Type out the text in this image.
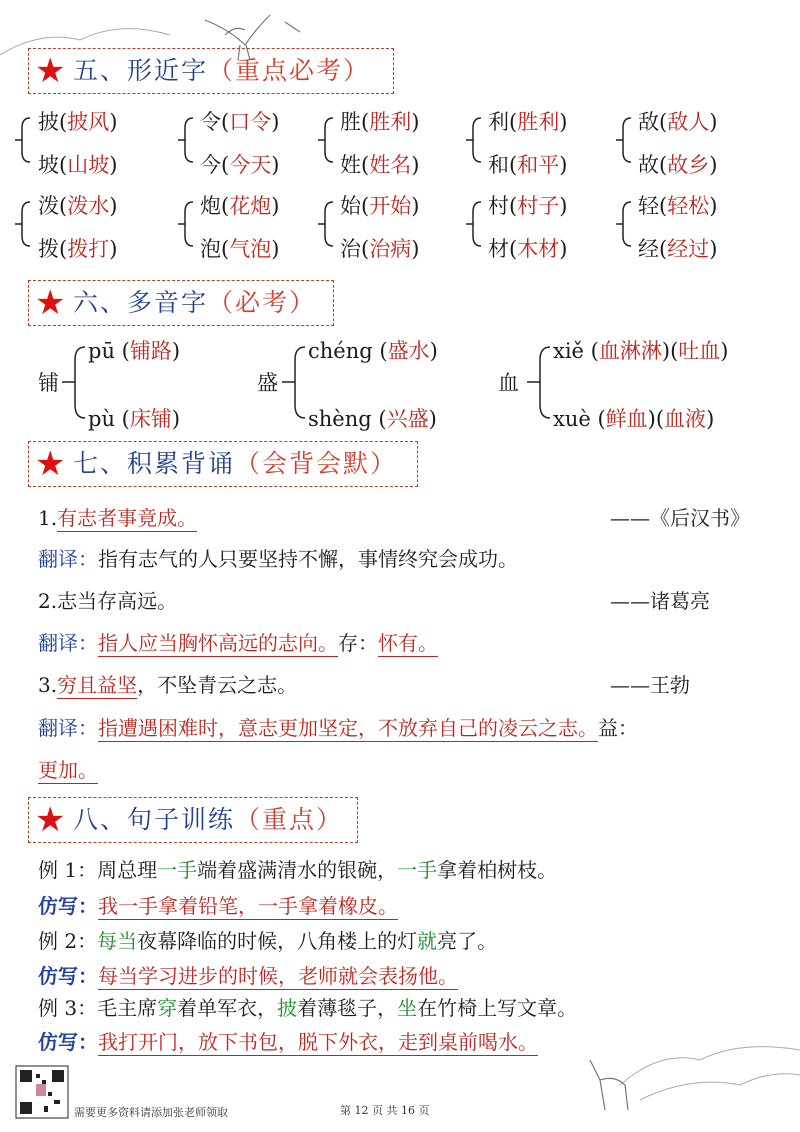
★ 五、形近字（重点必考）
披(披风)
坡(山坡)
令(口令)
今(今天)
胜(胜利)
姓(姓名)
利(胜利)
和(和平)
敌(敌人)
故(故乡)
泼(泼水)
拨(拨打)
炮(花炮)
泡(气泡)
始(开始)
治(治病)
村(村子)
材(木材)
轻(轻松)
经(经过)
★ 六、多音字（必考）
铺
pū (铺路)
pù (床铺)
盛
chéng (盛水)
shèng (兴盛)
血
xiě (血淋淋)(吐血)
xuè (鲜血)(血液)
★ 七、积累背诵（会背会默）
1.有志者事竟成。	——《后汉书》
翻译：指有志气的人只要坚持不懈，事情终究会成功。
2.志当存高远。	——诸葛亮
翻译：指人应当胸怀高远的志向。存：怀有。
3.穷且益坚，不坠青云之志。	——王勃
翻译：指遭遇困难时，意志更加坚定，不放弃自己的凌云之志。益：
更加。
★ 八、句子训练（重点）
例 1：周总理一手端着盛满清水的银碗，一手拿着柏树枝。
仿写：我一手拿着铅笔，一手拿着橡皮。
例 2：每当夜幕降临的时候，八角楼上的灯就亮了。
仿写：每当学习进步的时候，老师就会表扬他。
例 3：毛主席穿着单军衣，披着薄毯子，坐在竹椅上写文章。
仿写：我打开门，放下书包，脱下外衣，走到桌前喝水。
需要更多资料请添加张老师领取	第 12 页 共 16 页
